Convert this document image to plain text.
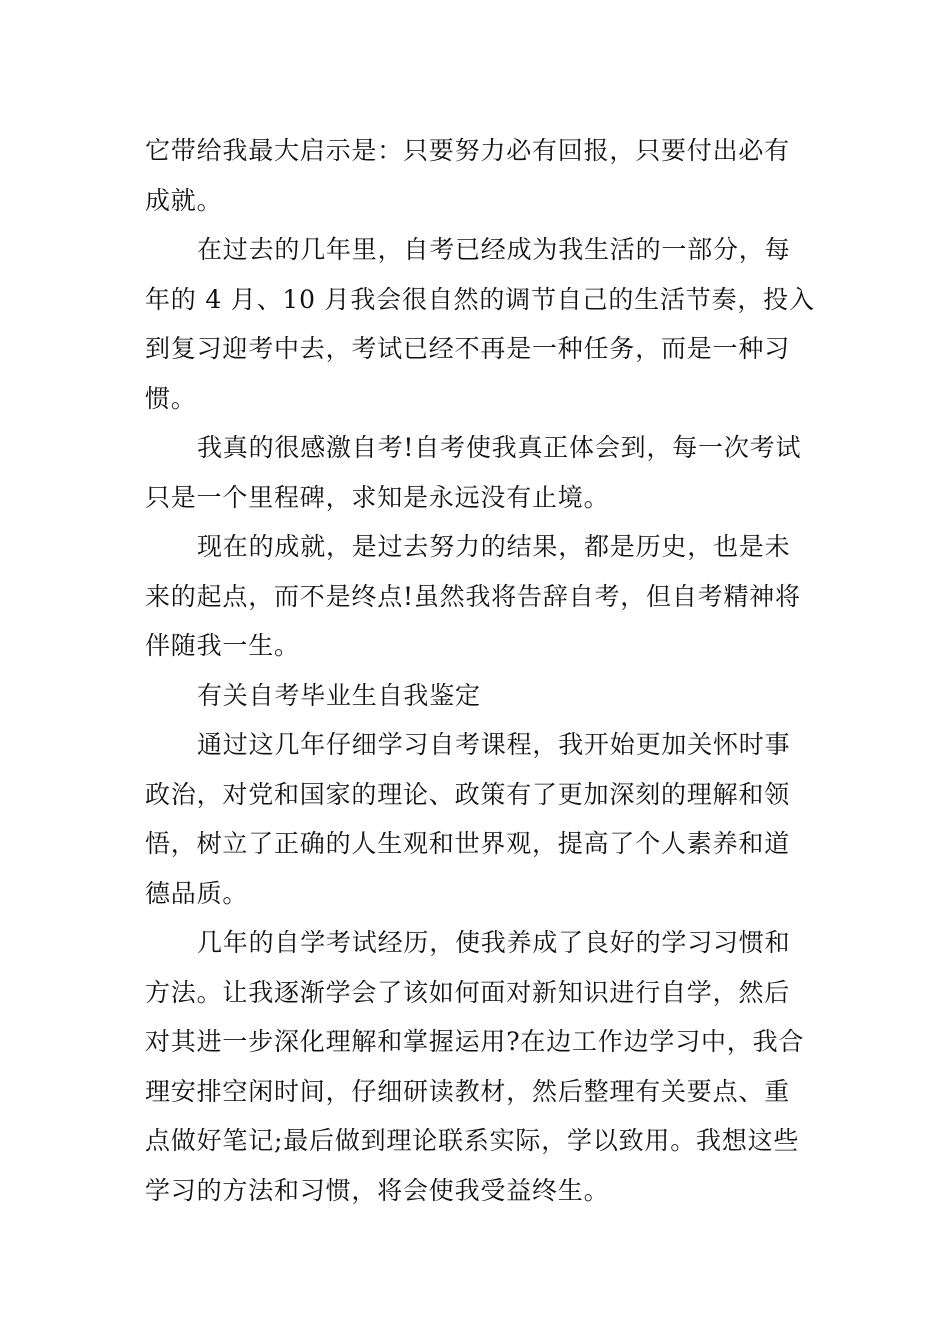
它带给我最大启示是：只要努力必有回报，只要付出必有
成就。

在过去的几年里，自考已经成为我生活的一部分，每
年的 4 月、10 月我会很自然的调节自己的生活节奏，投入
到复习迎考中去，考试已经不再是一种任务，而是一种习
惯。

我真的很感激自考!自考使我真正体会到，每一次考试
只是一个里程碑，求知是永远没有止境。

现在的成就，是过去努力的结果，都是历史，也是未
来的起点，而不是终点!虽然我将告辞自考，但自考精神将
伴随我一生。

有关自考毕业生自我鉴定

通过这几年仔细学习自考课程，我开始更加关怀时事
政治，对党和国家的理论、政策有了更加深刻的理解和领
悟，树立了正确的人生观和世界观，提高了个人素养和道
德品质。

几年的自学考试经历，使我养成了良好的学习习惯和
方法。让我逐渐学会了该如何面对新知识进行自学，然后
对其进一步深化理解和掌握运用?在边工作边学习中，我合
理安排空闲时间，仔细研读教材，然后整理有关要点、重
点做好笔记;最后做到理论联系实际，学以致用。我想这些
学习的方法和习惯，将会使我受益终生。
